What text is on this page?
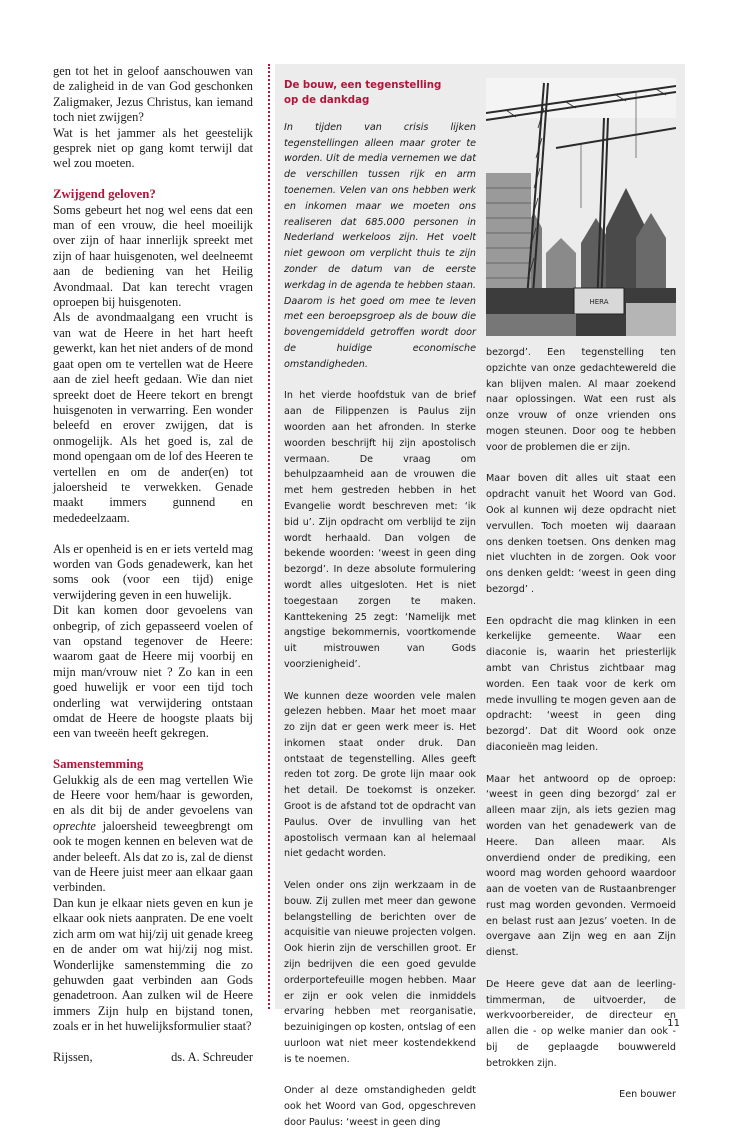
gen tot het in geloof aanschouwen van de zaligheid in de van God geschonken Zaligmaker, Jezus Christus, kan iemand toch niet zwijgen?

Wat is het jammer als het geestelijk gesprek niet op gang komt terwijl dat wel zou moeten.

Zwijgend geloven?

Soms gebeurt het nog wel eens dat een man of een vrouw, die heel moeilijk over zijn of haar innerlijk spreekt met zijn of haar huisgenoten, wel deelneemt aan de bediening van het Heilig Avondmaal. Dat kan terecht vragen oproepen bij huisgenoten.

Als de avondmaalgang een vrucht is van wat de Heere in het hart heeft gewerkt, kan het niet anders of de mond gaat open om te vertellen wat de Heere aan de ziel heeft gedaan. Wie dan niet spreekt doet de Heere tekort en brengt huisgenoten in verwarring. Een wonder beleefd en erover zwijgen, dat is onmogelijk. Als het goed is, zal de mond opengaan om de lof des Heeren te vertellen en om de ander(en) tot jaloersheid te verwekken. Genade maakt immers gunnend en mededeelzaam.

Als er openheid is en er iets verteld mag worden van Gods genadewerk, kan het soms ook (voor een tijd) enige verwijdering geven in een huwelijk.

Dit kan komen door gevoelens van onbegrip, of zich gepasseerd voelen of van opstand tegenover de Heere: waarom gaat de Heere mij voorbij en mijn man/vrouw niet ? Zo kan in een goed huwelijk er voor een tijd toch onderling wat verwijdering ontstaan omdat de Heere de hoogste plaats bij een van tweeën heeft gekregen.

Samenstemming

Gelukkig als de een mag vertellen Wie de Heere voor hem/haar is geworden, en als dit bij de ander gevoelens van oprechte jaloersheid teweegbrengt om ook te mogen kennen en beleven wat de ander beleeft. Als dat zo is, zal de dienst van de Heere juist meer aan elkaar gaan verbinden.

Dan kun je elkaar niets geven en kun je elkaar ook niets aanpraten. De ene voelt zich arm om wat hij/zij uit genade kreeg en de ander om wat hij/zij nog mist. Wonderlijke samenstemming die zo gehuwden gaat verbinden aan Gods genadetroon. Aan zulken wil de Heere immers Zijn hulp en bijstand tonen, zoals er in het huwelijksformulier staat?

Rijssen,	ds. A. Schreuder
De bouw, een tegenstelling
op de dankdag

In tijden van crisis lijken tegenstellingen alleen maar groter te worden. Uit de media vernemen we dat de verschillen tussen rijk en arm toenemen. Velen van ons hebben werk en inkomen maar we moeten ons realiseren dat 685.000 personen in Nederland werkeloos zijn. Het voelt niet gewoon om verplicht thuis te zijn zonder de datum van de eerste werkdag in de agenda te hebben staan. Daarom is het goed om mee te leven met een beroepsgroep als de bouw die bovengemiddeld getroffen wordt door de huidige economische omstandigheden.

In het vierde hoofdstuk van de brief aan de Filippenzen is Paulus zijn woorden aan het afronden. In sterke woorden beschrijft hij zijn apostolisch vermaan. De vraag om behulpzaamheid aan de vrouwen die met hem gestreden hebben in het Evangelie wordt beschreven met: ‘ik bid u’. Zijn opdracht om verblijd te zijn wordt herhaald. Dan volgen de bekende woorden: ‘weest in geen ding bezorgd’. In deze absolute formulering wordt alles uitgesloten. Het is niet toegestaan zorgen te maken. Kanttekening 25 zegt: ‘Namelijk met angstige bekommernis, voortkomende uit mistrouwen van Gods voorzienigheid’.

We kunnen deze woorden vele malen gelezen hebben. Maar het moet maar zo zijn dat er geen werk meer is. Het inkomen staat onder druk. Dan ontstaat de tegenstelling. Alles geeft reden tot zorg. De grote lijn maar ook het detail. De toekomst is onzeker. Groot is de afstand tot de opdracht van Paulus. Over de invulling van het apostolisch vermaan kan al helemaal niet gedacht worden.

Velen onder ons zijn werkzaam in de bouw. Zij zullen met meer dan gewone belangstelling de berichten over de acquisitie van nieuwe projecten volgen. Ook hierin zijn de verschillen groot. Er zijn bedrijven die een goed gevulde orderportefeuille mogen hebben. Maar er zijn er ook velen die inmiddels ervaring hebben met reorganisatie, bezuinigingen op kosten, ontslag of een uurloon wat niet meer kostendekkend is te noemen.

Onder al deze omstandigheden geldt ook het Woord van God, opgeschreven door Paulus: ‘weest in geen ding

HERA

bezorgd’. Een tegenstelling ten opzichte van onze gedachtewereld die kan blijven malen. Al maar zoekend naar oplossingen. Wat een rust als onze vrouw of onze vrienden ons mogen steunen. Door oog te hebben voor de problemen die er zijn.

Maar boven dit alles uit staat een opdracht vanuit het Woord van God. Ook al kunnen wij deze opdracht niet vervullen. Toch moeten wij daaraan ons denken toetsen. Ons denken mag niet vluchten in de zorgen. Ook voor ons denken geldt: ‘weest in geen ding bezorgd’ .

Een opdracht die mag klinken in een kerkelijke gemeente. Waar een diaconie is, waarin het priesterlijk ambt van Christus zichtbaar mag worden. Een taak voor de kerk om mede invulling te mogen geven aan de opdracht: ‘weest in geen ding bezorgd’. Dat dit Woord ook onze diaconieën mag leiden.

Maar het antwoord op de oproep: ‘weest in geen ding bezorgd’ zal er alleen maar zijn, als iets gezien mag worden van het genadewerk van de Heere. Dan alleen maar. Als onverdiend onder de prediking, een woord mag worden gehoord waardoor aan de voeten van de Rustaanbrenger rust mag worden gevonden. Vermoeid en belast rust aan Jezus’ voeten. In de overgave aan Zijn weg en aan Zijn dienst.

De Heere geve dat aan de leerling-timmerman, de uitvoerder, de werkvoorbereider, de directeur en allen die - op welke manier dan ook - bij de geplaagde bouwwereld betrokken zijn.

Een bouwer

11
